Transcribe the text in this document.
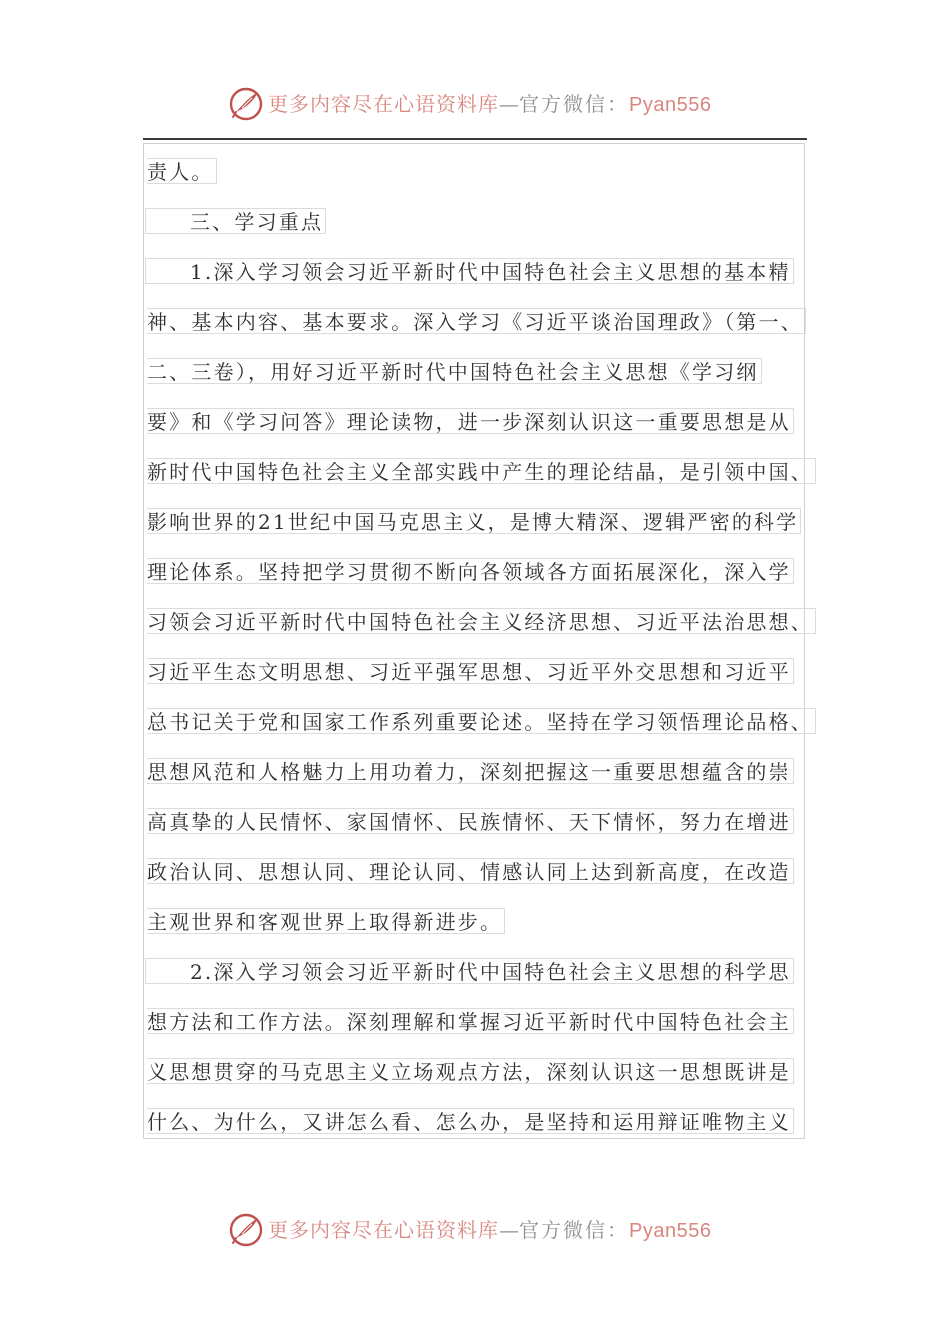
更多内容尽在心语资料库—官方微信：Pyan556
责人。
三、学习重点
1.深入学习领会习近平新时代中国特色社会主义思想的基本精
神、基本内容、基本要求。深入学习《习近平谈治国理政》（第一、
二、三卷），用好习近平新时代中国特色社会主义思想《学习纲
要》和《学习问答》理论读物，进一步深刻认识这一重要思想是从
新时代中国特色社会主义全部实践中产生的理论结晶，是引领中国、
影响世界的21世纪中国马克思主义，是博大精深、逻辑严密的科学
理论体系。坚持把学习贯彻不断向各领域各方面拓展深化，深入学
习领会习近平新时代中国特色社会主义经济思想、习近平法治思想、
习近平生态文明思想、习近平强军思想、习近平外交思想和习近平
总书记关于党和国家工作系列重要论述。坚持在学习领悟理论品格、
思想风范和人格魅力上用功着力，深刻把握这一重要思想蕴含的崇
高真挚的人民情怀、家国情怀、民族情怀、天下情怀，努力在增进
政治认同、思想认同、理论认同、情感认同上达到新高度，在改造
主观世界和客观世界上取得新进步。
2.深入学习领会习近平新时代中国特色社会主义思想的科学思
想方法和工作方法。深刻理解和掌握习近平新时代中国特色社会主
义思想贯穿的马克思主义立场观点方法，深刻认识这一思想既讲是
什么、为什么，又讲怎么看、怎么办，是坚持和运用辩证唯物主义
更多内容尽在心语资料库—官方微信：Pyan556
